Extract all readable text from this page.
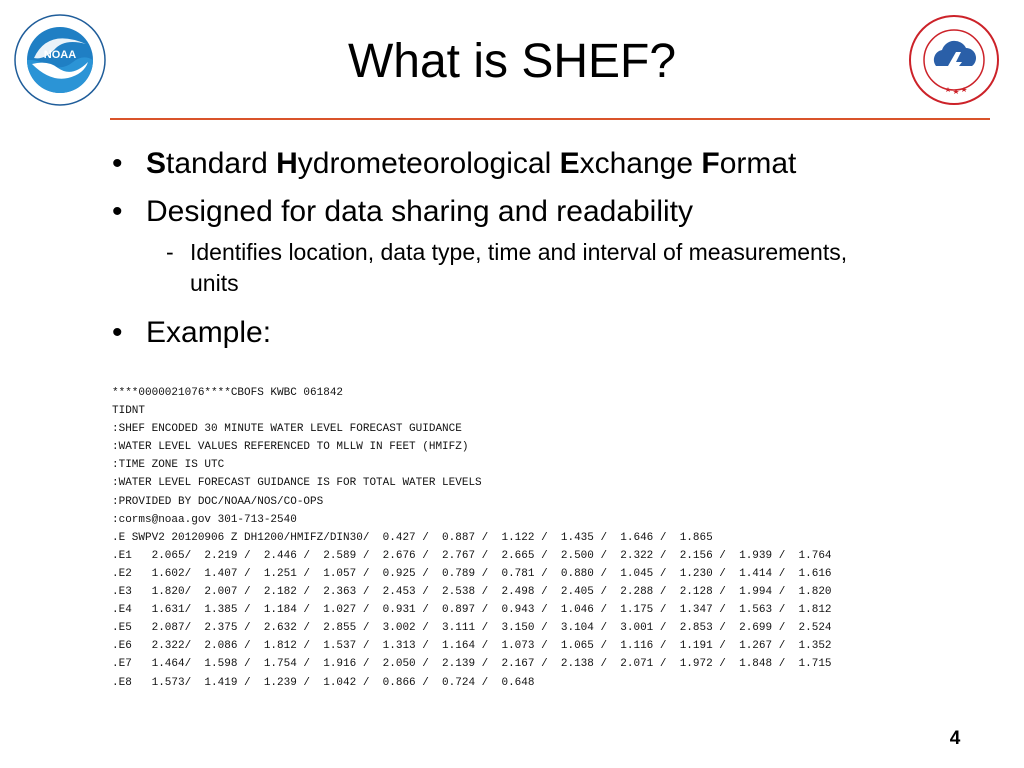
NOAA	What is SHEF?
• Standard Hydrometeorological Exchange Format
• Designed for data sharing and readability
- Identifies location, data type, time and interval of measurements,
units
• Example:
****0000021076****CBOFS KWBC 061842
TIDNT
:SHEF ENCODED 30 MINUTE WATER LEVEL FORECAST GUIDANCE
:WATER LEVEL VALUES REFERENCED TO MLLW IN FEET (HMIFZ)
:TIME ZONE IS UTC
:WATER LEVEL FORECAST GUIDANCE IS FOR TOTAL WATER LEVELS
:PROVIDED BY DOC/NOAA/NOS/CO-OPS
:corms@noaa.gov 301-713-2540
.E SWPV2 20120906 Z DH1200/HMIFZ/DIN30/  0.427 /  0.887 /  1.122 /  1.435 /  1.646 /  1.865
.E1   2.065/  2.219 /  2.446 /  2.589 /  2.676 /  2.767 /  2.665 /  2.500 /  2.322 /  2.156 /  1.939 /  1.764
.E2   1.602/  1.407 /  1.251 /  1.057 /  0.925 /  0.789 /  0.781 /  0.880 /  1.045 /  1.230 /  1.414 /  1.616
.E3   1.820/  2.007 /  2.182 /  2.363 /  2.453 /  2.538 /  2.498 /  2.405 /  2.288 /  2.128 /  1.994 /  1.820
.E4   1.631/  1.385 /  1.184 /  1.027 /  0.931 /  0.897 /  0.943 /  1.046 /  1.175 /  1.347 /  1.563 /  1.812
.E5   2.087/  2.375 /  2.632 /  2.855 /  3.002 /  3.111 /  3.150 /  3.104 /  3.001 /  2.853 /  2.699 /  2.524
.E6   2.322/  2.086 /  1.812 /  1.537 /  1.313 /  1.164 /  1.073 /  1.065 /  1.116 /  1.191 /  1.267 /  1.352
.E7   1.464/  1.598 /  1.754 /  1.916 /  2.050 /  2.139 /  2.167 /  2.138 /  2.071 /  1.972 /  1.848 /  1.715
.E8   1.573/  1.419 /  1.239 /  1.042 /  0.866 /  0.724 /  0.648
4
